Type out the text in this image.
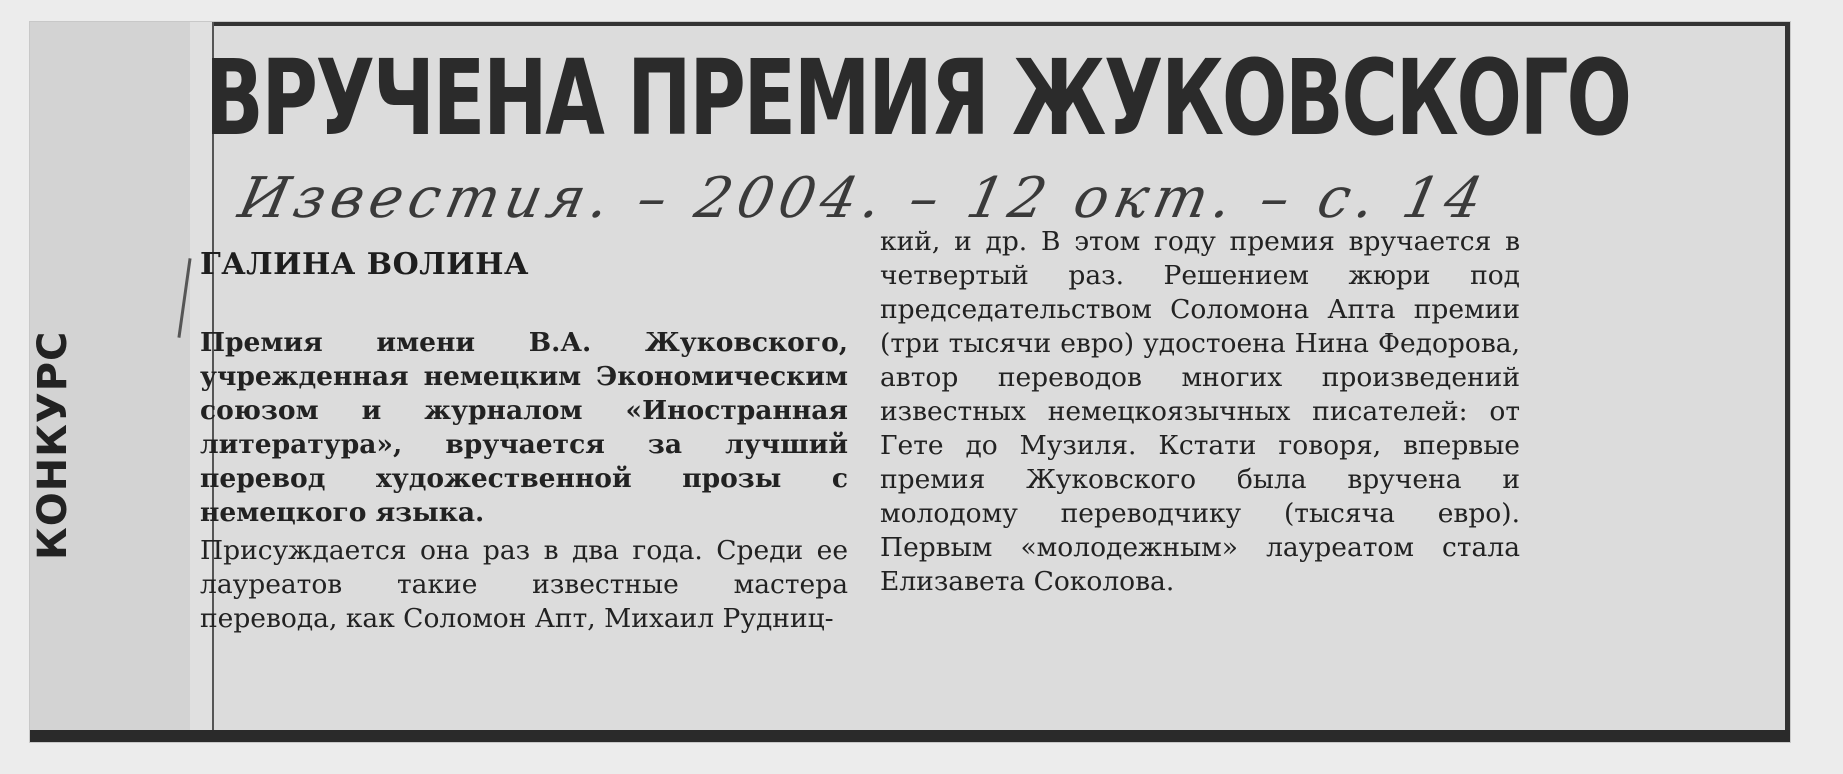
ВРУЧЕНА ПРЕМИЯ ЖУКОВСКОГО
Известия. – 2004. – 12 окт. – с. 14
ГАЛИНА ВОЛИНА

Премия имени В.А. Жуковского, учрежденная немецким Экономическим союзом и журналом «Иностранная литература», вручается за лучший перевод художественной прозы с немецкого языка.

Присуждается она раз в два года. Среди ее лауреатов такие известные мастера перевода, как Соломон Апт, Михаил Рудниц-

кий, и др. В этом году премия вручается в четвертый раз. Решением жюри под председательством Соломона Апта премии (три тысячи евро) удостоена Нина Федорова, автор переводов многих произведений известных немецкоязычных писателей: от Гете до Музиля. Кстати говоря, впервые премия Жуковского была вручена и молодому переводчику (тысяча евро). Первым «молодежным» лауреатом стала Елизавета Соколова.
